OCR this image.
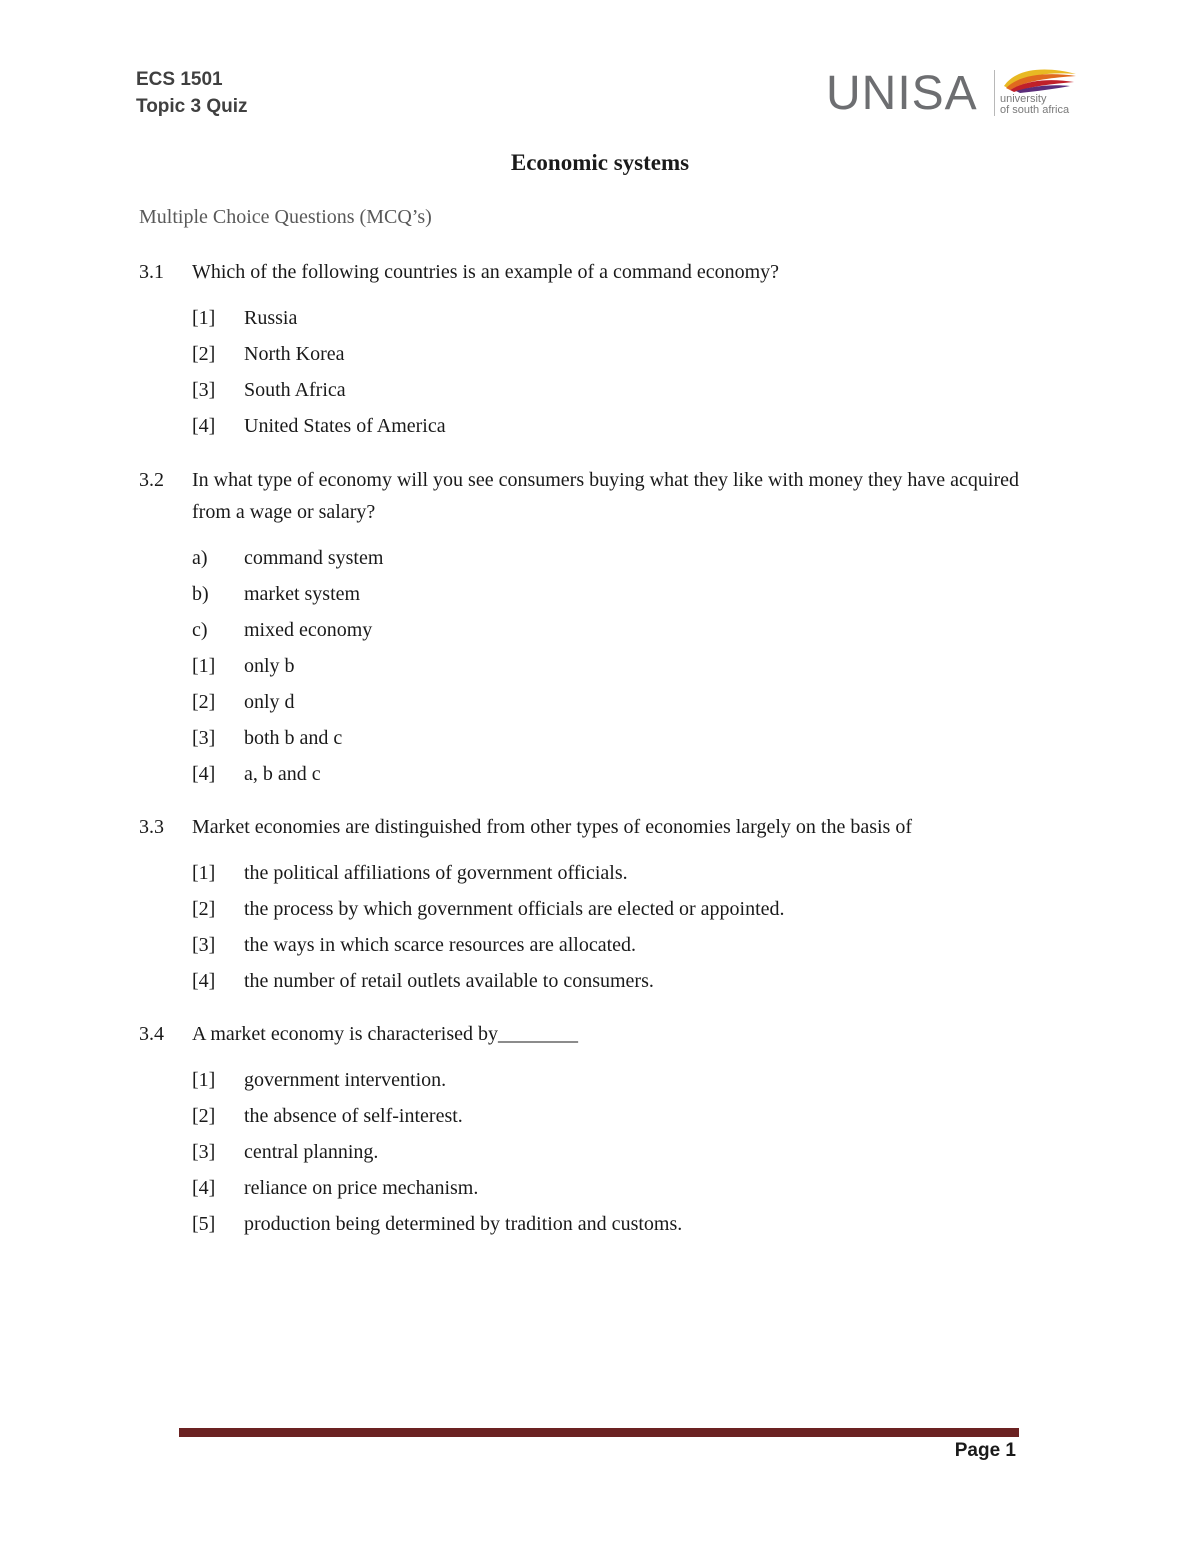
ECS 1501
Topic 3 Quiz	UNISA university
of south africa
Economic systems
Multiple Choice Questions (MCQ’s)
3.1	Which of the following countries is an example of a command economy?
[1]	Russia
[2]	North Korea
[3]	South Africa
[4]	United States of America
3.2	In what type of economy will you see consumers buying what they like with money they have acquired from a wage or salary?
a)	command system
b)	market system
c)	mixed economy
[1]	only b
[2]	only d
[3]	both b and c
[4]	a, b and c
3.3	Market economies are distinguished from other types of economies largely on the basis of
[1]	the political affiliations of government officials.
[2]	the process by which government officials are elected or appointed.
[3]	the ways in which scarce resources are allocated.
[4]	the number of retail outlets available to consumers.
3.4	A market economy is characterised by________
[1]	government intervention.
[2]	the absence of self-interest.
[3]	central planning.
[4]	reliance on price mechanism.
[5]	production being determined by tradition and customs.
Page 1
